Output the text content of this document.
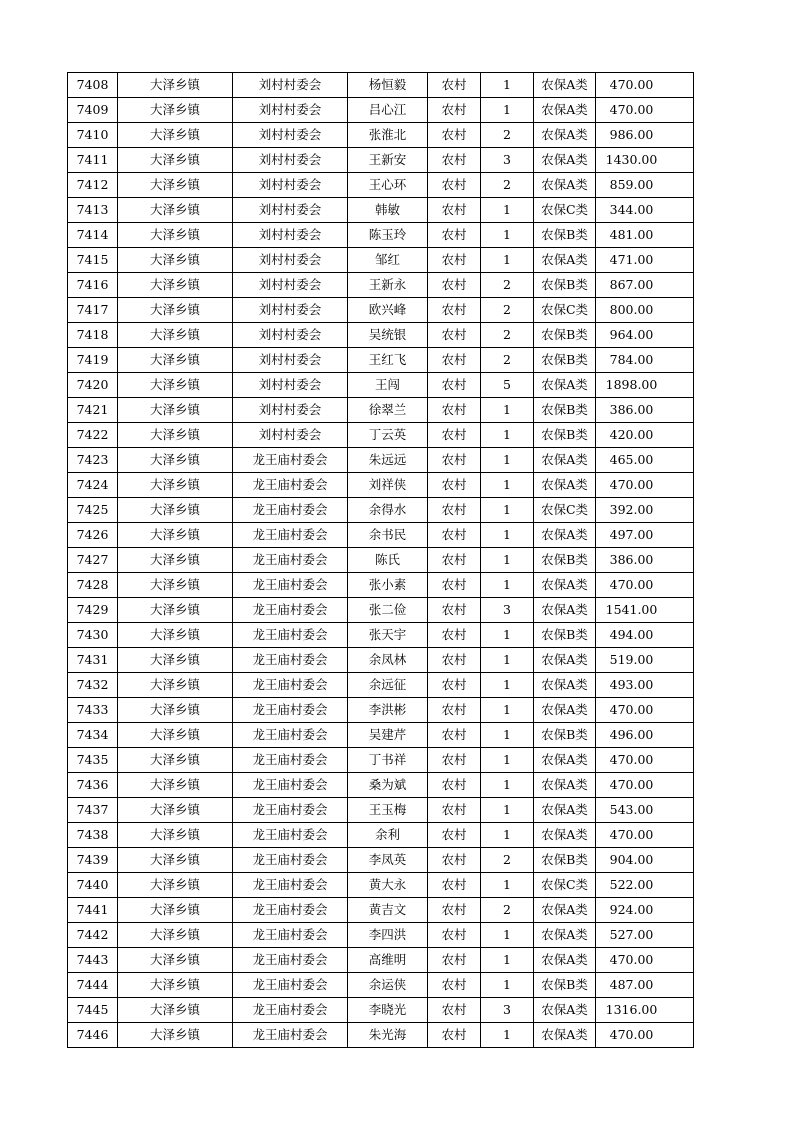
7408	大泽乡镇	刘村村委会	杨恒毅	农村	1	农保A类	470.00
7409	大泽乡镇	刘村村委会	吕心江	农村	1	农保A类	470.00
7410	大泽乡镇	刘村村委会	张淮北	农村	2	农保A类	986.00
7411	大泽乡镇	刘村村委会	王新安	农村	3	农保A类	1430.00
7412	大泽乡镇	刘村村委会	王心环	农村	2	农保A类	859.00
7413	大泽乡镇	刘村村委会	韩敏	农村	1	农保C类	344.00
7414	大泽乡镇	刘村村委会	陈玉玲	农村	1	农保B类	481.00
7415	大泽乡镇	刘村村委会	邹红	农村	1	农保A类	471.00
7416	大泽乡镇	刘村村委会	王新永	农村	2	农保B类	867.00
7417	大泽乡镇	刘村村委会	欧兴峰	农村	2	农保C类	800.00
7418	大泽乡镇	刘村村委会	吴统银	农村	2	农保B类	964.00
7419	大泽乡镇	刘村村委会	王红飞	农村	2	农保B类	784.00
7420	大泽乡镇	刘村村委会	王闯	农村	5	农保A类	1898.00
7421	大泽乡镇	刘村村委会	徐翠兰	农村	1	农保B类	386.00
7422	大泽乡镇	刘村村委会	丁云英	农村	1	农保B类	420.00
7423	大泽乡镇	龙王庙村委会	朱远远	农村	1	农保A类	465.00
7424	大泽乡镇	龙王庙村委会	刘祥侠	农村	1	农保A类	470.00
7425	大泽乡镇	龙王庙村委会	余得水	农村	1	农保C类	392.00
7426	大泽乡镇	龙王庙村委会	余书民	农村	1	农保A类	497.00
7427	大泽乡镇	龙王庙村委会	陈氏	农村	1	农保B类	386.00
7428	大泽乡镇	龙王庙村委会	张小素	农村	1	农保A类	470.00
7429	大泽乡镇	龙王庙村委会	张二俭	农村	3	农保A类	1541.00
7430	大泽乡镇	龙王庙村委会	张天宇	农村	1	农保B类	494.00
7431	大泽乡镇	龙王庙村委会	余凤林	农村	1	农保A类	519.00
7432	大泽乡镇	龙王庙村委会	余远征	农村	1	农保A类	493.00
7433	大泽乡镇	龙王庙村委会	李洪彬	农村	1	农保A类	470.00
7434	大泽乡镇	龙王庙村委会	吴建芹	农村	1	农保B类	496.00
7435	大泽乡镇	龙王庙村委会	丁书祥	农村	1	农保A类	470.00
7436	大泽乡镇	龙王庙村委会	桑为斌	农村	1	农保A类	470.00
7437	大泽乡镇	龙王庙村委会	王玉梅	农村	1	农保A类	543.00
7438	大泽乡镇	龙王庙村委会	余利	农村	1	农保A类	470.00
7439	大泽乡镇	龙王庙村委会	李凤英	农村	2	农保B类	904.00
7440	大泽乡镇	龙王庙村委会	黄大永	农村	1	农保C类	522.00
7441	大泽乡镇	龙王庙村委会	黄吉文	农村	2	农保A类	924.00
7442	大泽乡镇	龙王庙村委会	李四洪	农村	1	农保A类	527.00
7443	大泽乡镇	龙王庙村委会	高维明	农村	1	农保A类	470.00
7444	大泽乡镇	龙王庙村委会	余运侠	农村	1	农保B类	487.00
7445	大泽乡镇	龙王庙村委会	李晓光	农村	3	农保A类	1316.00
7446	大泽乡镇	龙王庙村委会	朱光海	农村	1	农保A类	470.00
